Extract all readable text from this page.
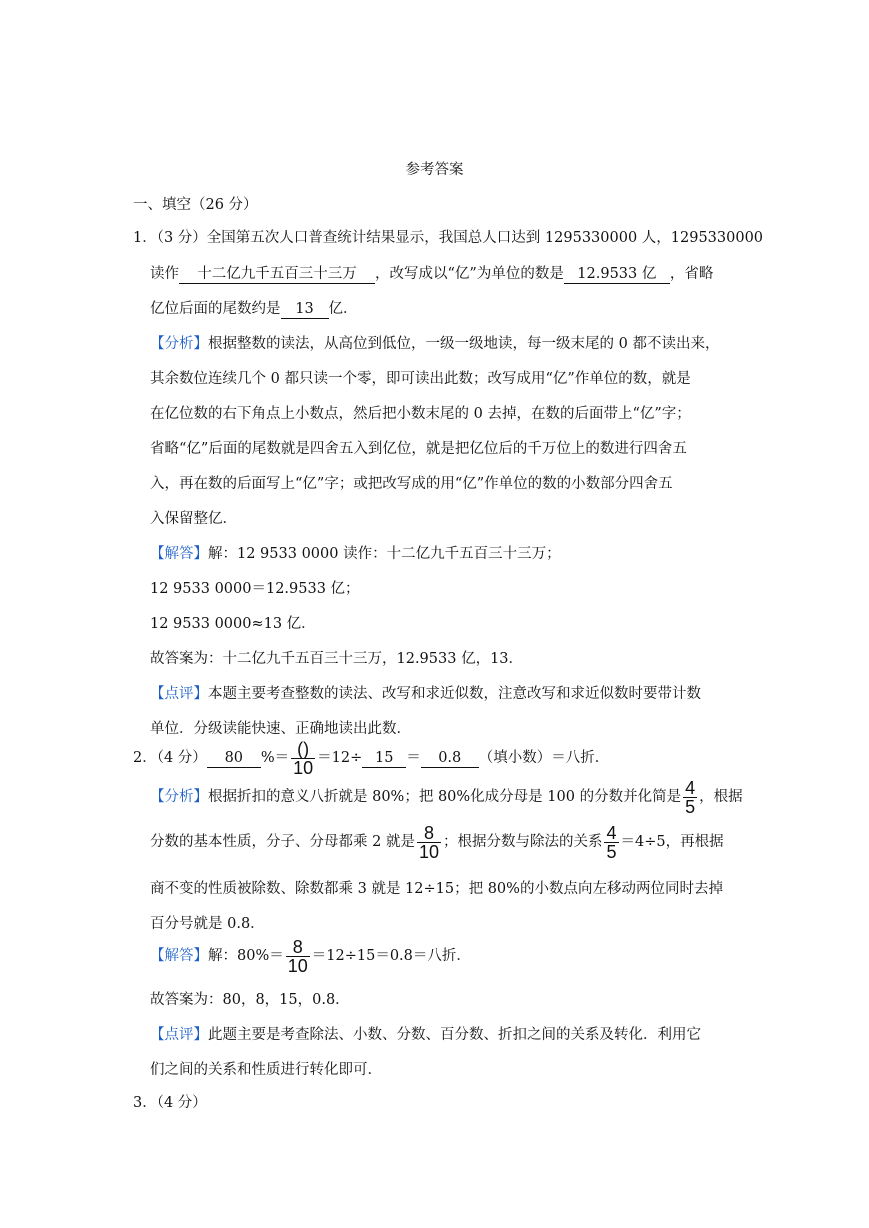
参考答案
一、填空（26 分）
1．（3 分）全国第五次人口普查统计结果显示，我国总人口达到 1295330000 人，1295330000
读作 十二亿九千五百三十三万 ，改写成以“亿”为单位的数是 12.9533 亿 ，省略
亿位后面的尾数约是 13 亿．
【分析】根据整数的读法，从高位到低位，一级一级地读，每一级末尾的 0 都不读出来，
其余数位连续几个 0 都只读一个零，即可读出此数；改写成用“亿”作单位的数，就是
在亿位数的右下角点上小数点，然后把小数末尾的 0 去掉，在数的后面带上“亿”字；
省略“亿”后面的尾数就是四舍五入到亿位，就是把亿位后的千万位上的数进行四舍五
入，再在数的后面写上“亿”字；或把改写成的用“亿”作单位的数的小数部分四舍五
入保留整亿．
【解答】解：12 9533 0000 读作：十二亿九千五百三十三万；
12 9533 0000＝12.9533 亿；
12 9533 0000≈13 亿．
故答案为：十二亿九千五百三十三万，12.9533 亿，13．
【点评】本题主要考查整数的读法、改写和求近似数，注意改写和求近似数时要带计数
单位．分级读能快速、正确地读出此数．
2．（4 分） 80 %＝ $\frac{()}{10} =12\div 15 = 0.8$ （填小数）＝八折．
【分析】根据折扣的意义八折就是 80%；把 80%化成分母是 100 的分数并化简是 $\frac{4}{5}$ ，根据
分数的基本性质，分子、分母都乘 2 就是 $\frac{8}{10}$ ；根据分数与除法的关系 $\frac{4}{5} =4\div 5$，再根据
商不变的性质被除数、除数都乘 3 就是 12÷15；把 80%的小数点向左移动两位同时去掉
百分号就是 0.8．
【解答】解：$80\%= \frac{8}{10} =12\div 15=0.8=$八折．
故答案为：80，8，15，0.8．
【点评】此题主要是考查除法、小数、分数、百分数、折扣之间的关系及转化．利用它
们之间的关系和性质进行转化即可．
3．（4 分）
